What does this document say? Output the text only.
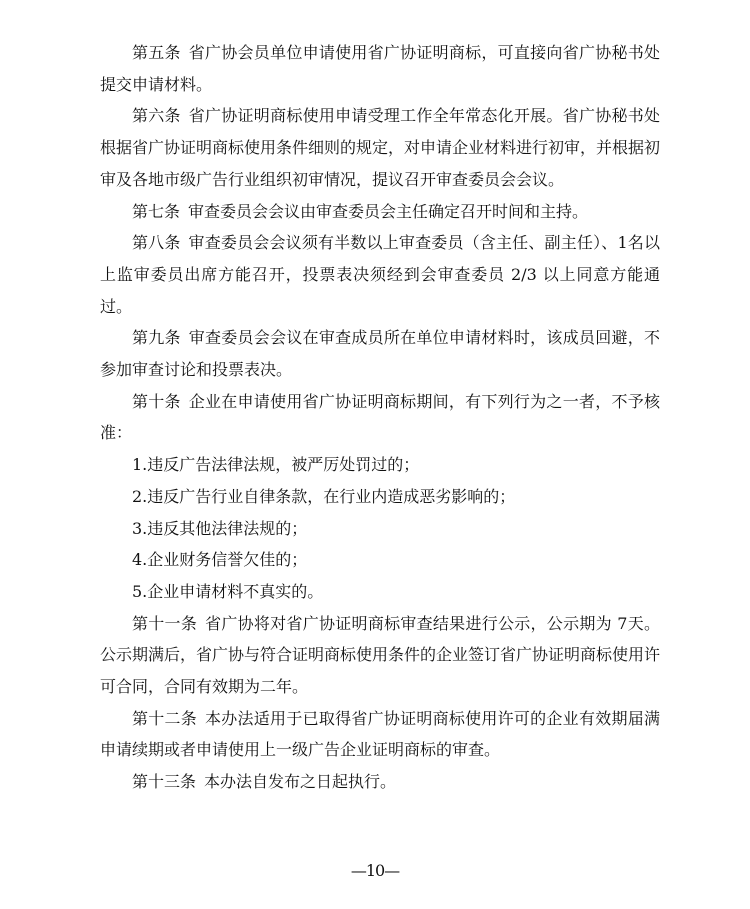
第五条 省广协会员单位申请使用省广协证明商标，可直接向省广协秘书处提交申请材料。

第六条 省广协证明商标使用申请受理工作全年常态化开展。省广协秘书处根据省广协证明商标使用条件细则的规定，对申请企业材料进行初审，并根据初审及各地市级广告行业组织初审情况，提议召开审查委员会会议。

第七条 审查委员会会议由审查委员会主任确定召开时间和主持。

第八条 审查委员会会议须有半数以上审查委员（含主任、副主任）、1名以上监审委员出席方能召开，投票表决须经到会审查委员 2/3 以上同意方能通过。

第九条 审查委员会会议在审查成员所在单位申请材料时，该成员回避，不参加审查讨论和投票表决。

第十条 企业在申请使用省广协证明商标期间，有下列行为之一者，不予核准：

1.违反广告法律法规，被严厉处罚过的；

2.违反广告行业自律条款，在行业内造成恶劣影响的；

3.违反其他法律法规的；

4.企业财务信誉欠佳的；

5.企业申请材料不真实的。

第十一条 省广协将对省广协证明商标审查结果进行公示，公示期为 7天。公示期满后，省广协与符合证明商标使用条件的企业签订省广协证明商标使用许可合同，合同有效期为二年。

第十二条 本办法适用于已取得省广协证明商标使用许可的企业有效期届满申请续期或者申请使用上一级广告企业证明商标的审查。

第十三条 本办法自发布之日起执行。

—10—
